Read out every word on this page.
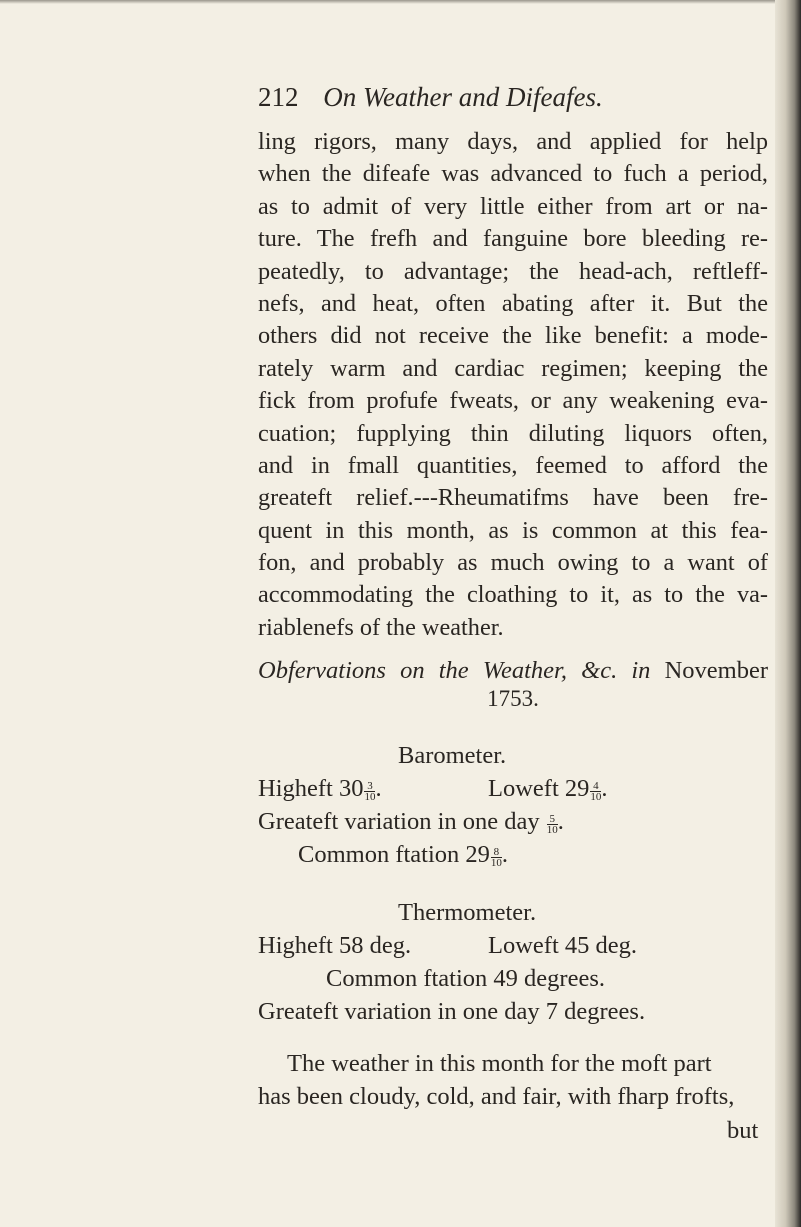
212 On Weather and Difeafes.
ling rigors, many days, and applied for help
when the difeafe was advanced to fuch a period,
as to admit of very little either from art or na-
ture. The frefh and fanguine bore bleeding re-
peatedly, to advantage; the head-ach, reftleff-
nefs, and heat, often abating after it. But the
others did not receive the like benefit: a mode-
rately warm and cardiac regimen; keeping the
fick from profufe fweats, or any weakening eva-
cuation; fupplying thin diluting liquors often,
and in fmall quantities, feemed to afford the
greateft relief.---Rheumatifms have been fre-
quent in this month, as is common at this fea-
fon, and probably as much owing to a want of
accommodating the cloathing to it, as to the va-
riablenefs of the weather.
Obfervations on the Weather, &c. in November
1753.
Barometer.
Higheft $30 \frac{3}{10}$ .	Loweft $29 \frac{4}{10}$ .
Greateft variation in one day $\frac{5}{10}$ .
Common ftation $29 \frac{8}{10}$ .
Thermometer.
Higheft 58 deg.	Loweft 45 deg.
Common ftation 49 degrees.
Greateft variation in one day 7 degrees.
The weather in this month for the moft part
has been cloudy, cold, and fair, with fharp frofts,
but
